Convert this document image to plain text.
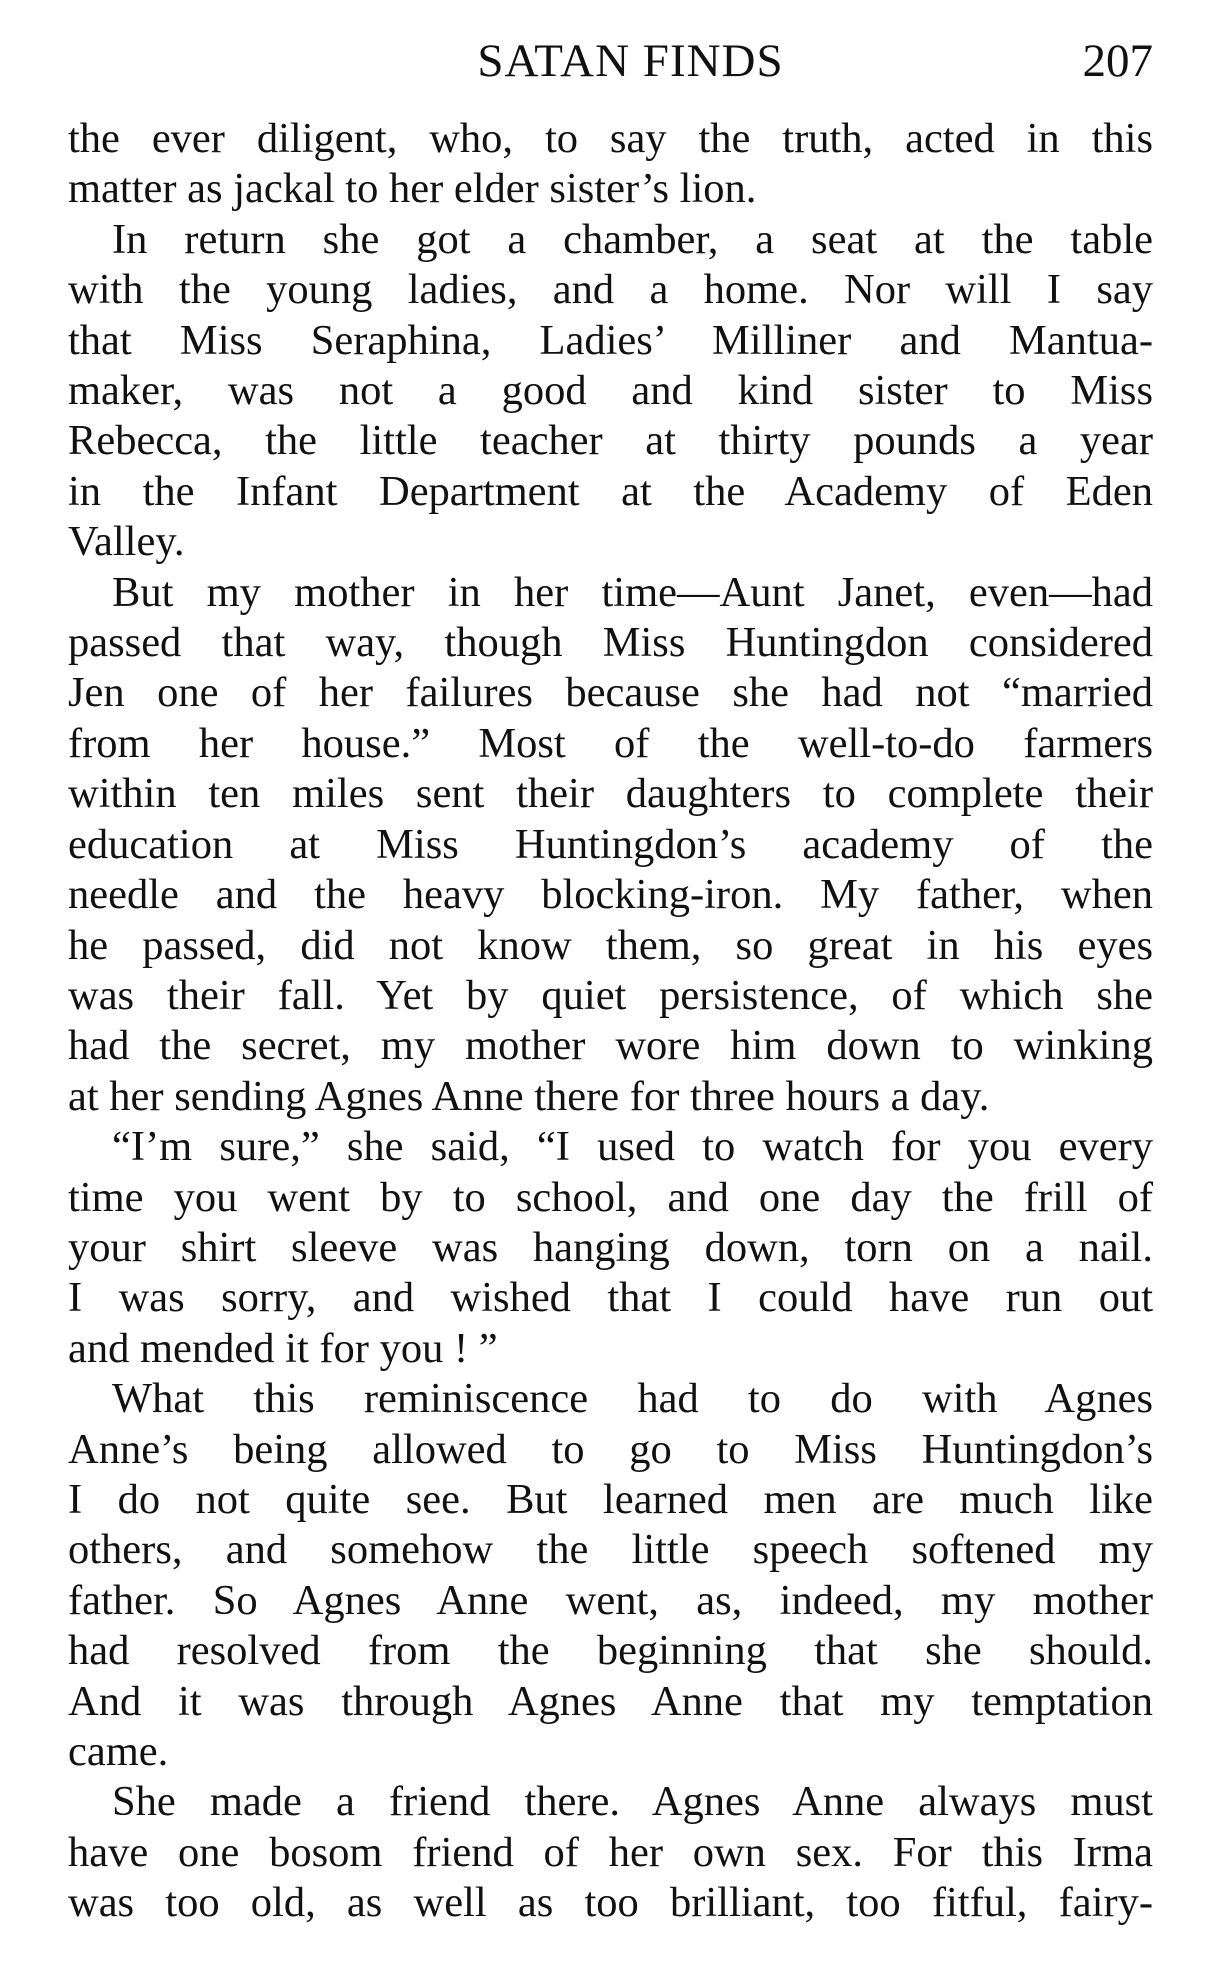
SATAN FINDS	207
the ever diligent, who, to say the truth, acted in this
matter as jackal to her elder sister’s lion.
In return she got a chamber, a seat at the table
with the young ladies, and a home. Nor will I say
that Miss Seraphina, Ladies’ Milliner and Mantua-
maker, was not a good and kind sister to Miss
Rebecca, the little teacher at thirty pounds a year
in the Infant Department at the Academy of Eden
Valley.
But my mother in her time—Aunt Janet, even—had
passed that way, though Miss Huntingdon considered
Jen one of her failures because she had not “married
from her house.” Most of the well-to-do farmers
within ten miles sent their daughters to complete their
education at Miss Huntingdon’s academy of the
needle and the heavy blocking-iron. My father, when
he passed, did not know them, so great in his eyes
was their fall. Yet by quiet persistence, of which she
had the secret, my mother wore him down to winking
at her sending Agnes Anne there for three hours a day.
“I’m sure,” she said, “I used to watch for you every
time you went by to school, and one day the frill of
your shirt sleeve was hanging down, torn on a nail.
I was sorry, and wished that I could have run out
and mended it for you ! ”
What this reminiscence had to do with Agnes
Anne’s being allowed to go to Miss Huntingdon’s
I do not quite see. But learned men are much like
others, and somehow the little speech softened my
father. So Agnes Anne went, as, indeed, my mother
had resolved from the beginning that she should.
And it was through Agnes Anne that my temptation
came.
She made a friend there. Agnes Anne always must
have one bosom friend of her own sex. For this Irma
was too old, as well as too brilliant, too fitful, fairy-
